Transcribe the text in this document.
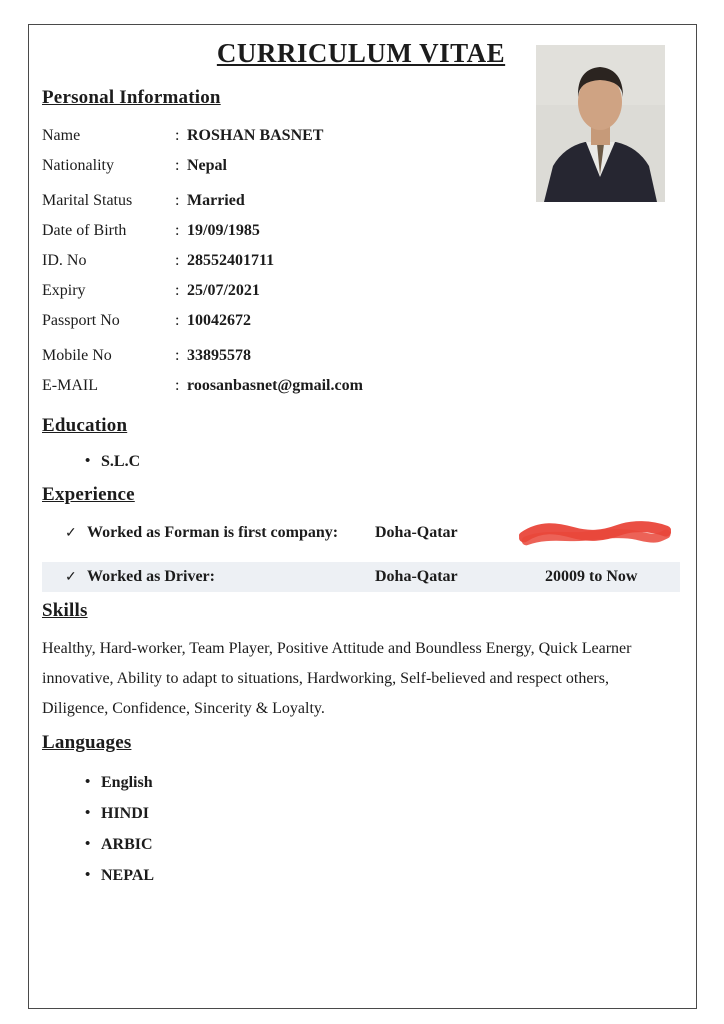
CURRICULUM VITAE
Personal Information
Name	: ROSHAN BASNET
Nationality	: Nepal
Marital Status	: Married
Date of Birth	: 19/09/1985
ID. No	: 28552401711
Expiry	: 25/07/2021
Passport No	: 10042672
Mobile No	: 33895578
E-MAIL	: roosanbasnet@gmail.com
Education
• S.L.C
Experience
✓ Worked as Forman is first company:	Doha-Qatar
✓ Worked as Driver:	Doha-Qatar	20009 to Now
Skills
Healthy, Hard-worker, Team Player, Positive Attitude and Boundless Energy, Quick Learner innovative, Ability to adapt to situations, Hardworking, Self-believed and respect others, Diligence, Confidence, Sincerity & Loyalty.
Languages
• English
• HINDI
• ARBIC
• NEPAL
